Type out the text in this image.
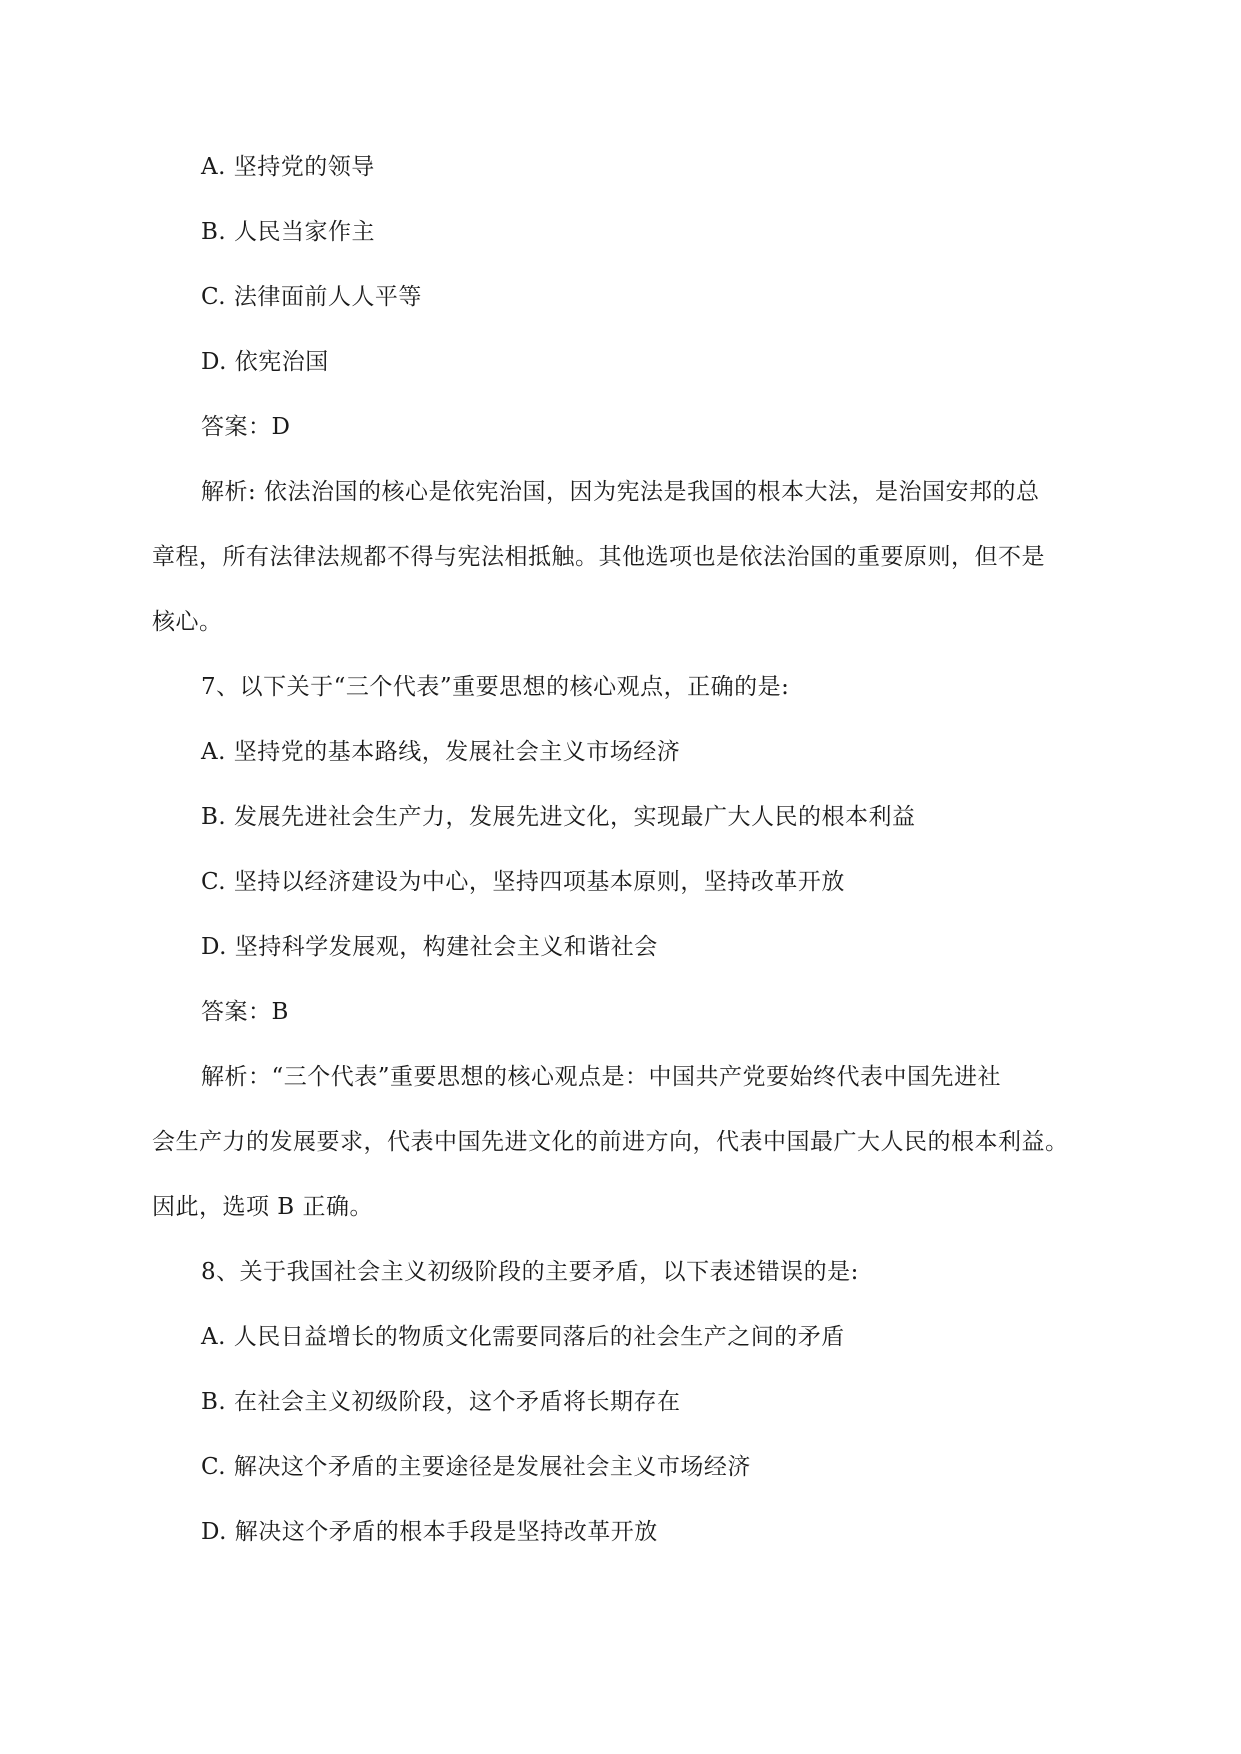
A. 坚持党的领导
B. 人民当家作主
C. 法律面前人人平等
D. 依宪治国
答案：D
解析: 依法治国的核心是依宪治国，因为宪法是我国的根本大法，是治国安邦的总
章程，所有法律法规都不得与宪法相抵触。其他选项也是依法治国的重要原则，但不是
核心。
7、以下关于“三个代表”重要思想的核心观点，正确的是:
A. 坚持党的基本路线，发展社会主义市场经济
B. 发展先进社会生产力，发展先进文化，实现最广大人民的根本利益
C. 坚持以经济建设为中心，坚持四项基本原则，坚持改革开放
D. 坚持科学发展观，构建社会主义和谐社会
答案：B
解析：“三个代表”重要思想的核心观点是：中国共产党要始终代表中国先进社
会生产力的发展要求，代表中国先进文化的前进方向，代表中国最广大人民的根本利益。
因此，选项 B 正确。
8、关于我国社会主义初级阶段的主要矛盾，以下表述错误的是:
A. 人民日益增长的物质文化需要同落后的社会生产之间的矛盾
B. 在社会主义初级阶段，这个矛盾将长期存在
C. 解决这个矛盾的主要途径是发展社会主义市场经济
D. 解决这个矛盾的根本手段是坚持改革开放
